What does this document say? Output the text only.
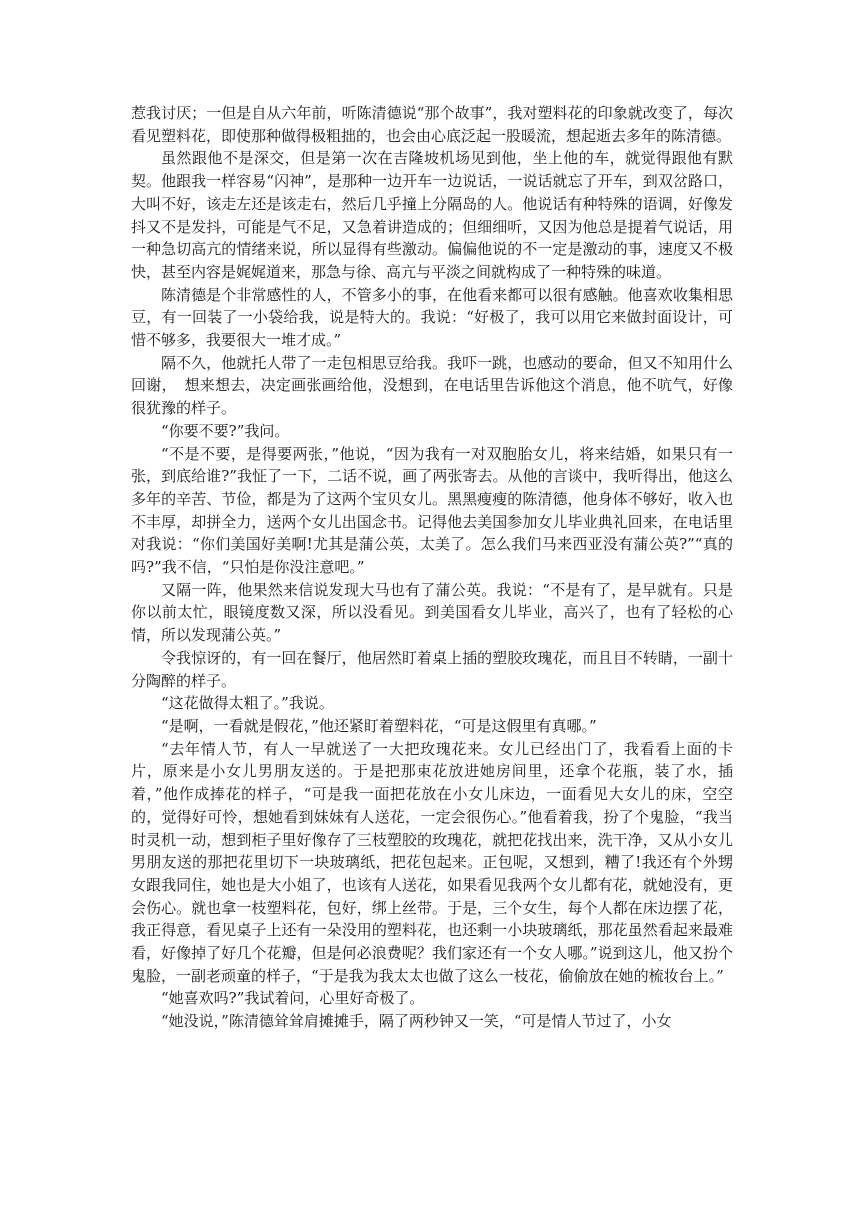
惹我讨厌；一但是自从六年前，听陈清德说“那个故事”，我对塑料花的印象就改变了，每次看见塑料花，即使那种做得极粗拙的，也会由心底泛起一股暖流，想起逝去多年的陈清德。

虽然跟他不是深交，但是第一次在吉隆坡机场见到他，坐上他的车，就觉得跟他有默契。他跟我一样容易“闪神”，是那种一边开车一边说话，一说话就忘了开车，到双岔路口，大叫不好，该走左还是该走右，然后几乎撞上分隔岛的人。他说话有种特殊的语调，好像发抖又不是发抖，可能是气不足，又急着讲造成的；但细细听，又因为他总是提着气说话，用一种急切高亢的情绪来说，所以显得有些激动。偏偏他说的不一定是激动的事，速度又不极快，甚至内容是娓娓道来，那急与徐、高亢与平淡之间就构成了一种特殊的味道。

陈清德是个非常感性的人，不管多小的事，在他看来都可以很有感触。他喜欢收集相思豆，有一回装了一小袋给我，说是特大的。我说：“好极了，我可以用它来做封面设计，可惜不够多，我要很大一堆才成。”

隔不久，他就托人带了一走包相思豆给我。我吓一跳，也感动的要命，但又不知用什么回谢，　想来想去，决定画张画给他，没想到，在电话里告诉他这个消息，他不吭气，好像很犹豫的样子。

“你要不要?”我问。

“不是不要，是得要两张，”他说，“因为我有一对双胞胎女儿，将来结婚，如果只有一张，到底给谁?”我怔了一下，二话不说，画了两张寄去。从他的言谈中，我听得出，他这么多年的辛苦、节俭，都是为了这两个宝贝女儿。黑黑瘦瘦的陈清德，他身体不够好，收入也不丰厚，却拼全力，送两个女儿出国念书。记得他去美国参加女儿毕业典礼回来，在电话里对我说：“你们美国好美啊!尤其是蒲公英，太美了。怎么我们马来西亚没有蒲公英?”“真的吗?”我不信，“只怕是你没注意吧。”

又隔一阵，他果然来信说发现大马也有了蒲公英。我说：“不是有了，是早就有。只是你以前太忙，眼镜度数又深，所以没看见。到美国看女儿毕业，高兴了，也有了轻松的心情，所以发现蒲公英。”

令我惊讶的，有一回在餐厅，他居然盯着桌上插的塑胶玫瑰花，而且目不转睛，一副十分陶醉的样子。

“这花做得太粗了。”我说。

“是啊，一看就是假花，”他还紧盯着塑料花，“可是这假里有真哪。”

“去年情人节，有人一早就送了一大把玫瑰花来。女儿已经出门了，我看看上面的卡片，原来是小女儿男朋友送的。于是把那束花放进她房间里，还拿个花瓶，装了水，插着，”他作成捧花的样子，“可是我一面把花放在小女儿床边，一面看见大女儿的床，空空的，觉得好可怜，想她看到妹妹有人送花，一定会很伤心。”他看着我，扮了个鬼脸，“我当时灵机一动，想到柜子里好像存了三枝塑胶的玫瑰花，就把花找出来，洗干净，又从小女儿男朋友送的那把花里切下一块玻璃纸，把花包起来。正包呢，又想到，糟了!我还有个外甥女跟我同住，她也是大小姐了，也该有人送花，如果看见我两个女儿都有花，就她没有，更会伤心。就也拿一枝塑料花，包好，绑上丝带。于是，三个女生，每个人都在床边摆了花，我正得意，看见桌子上还有一朵没用的塑料花，也还剩一小块玻璃纸，那花虽然看起来最难看，好像掉了好几个花瓣，但是何必浪费呢？我们家还有一个女人哪。”说到这儿，他又扮个鬼脸，一副老顽童的样子，“于是我为我太太也做了这么一枝花，偷偷放在她的梳妆台上。”

“她喜欢吗?”我试着问，心里好奇极了。

“她没说，”陈清德耸耸肩摊摊手，隔了两秒钟又一笑，“可是情人节过了，小女
